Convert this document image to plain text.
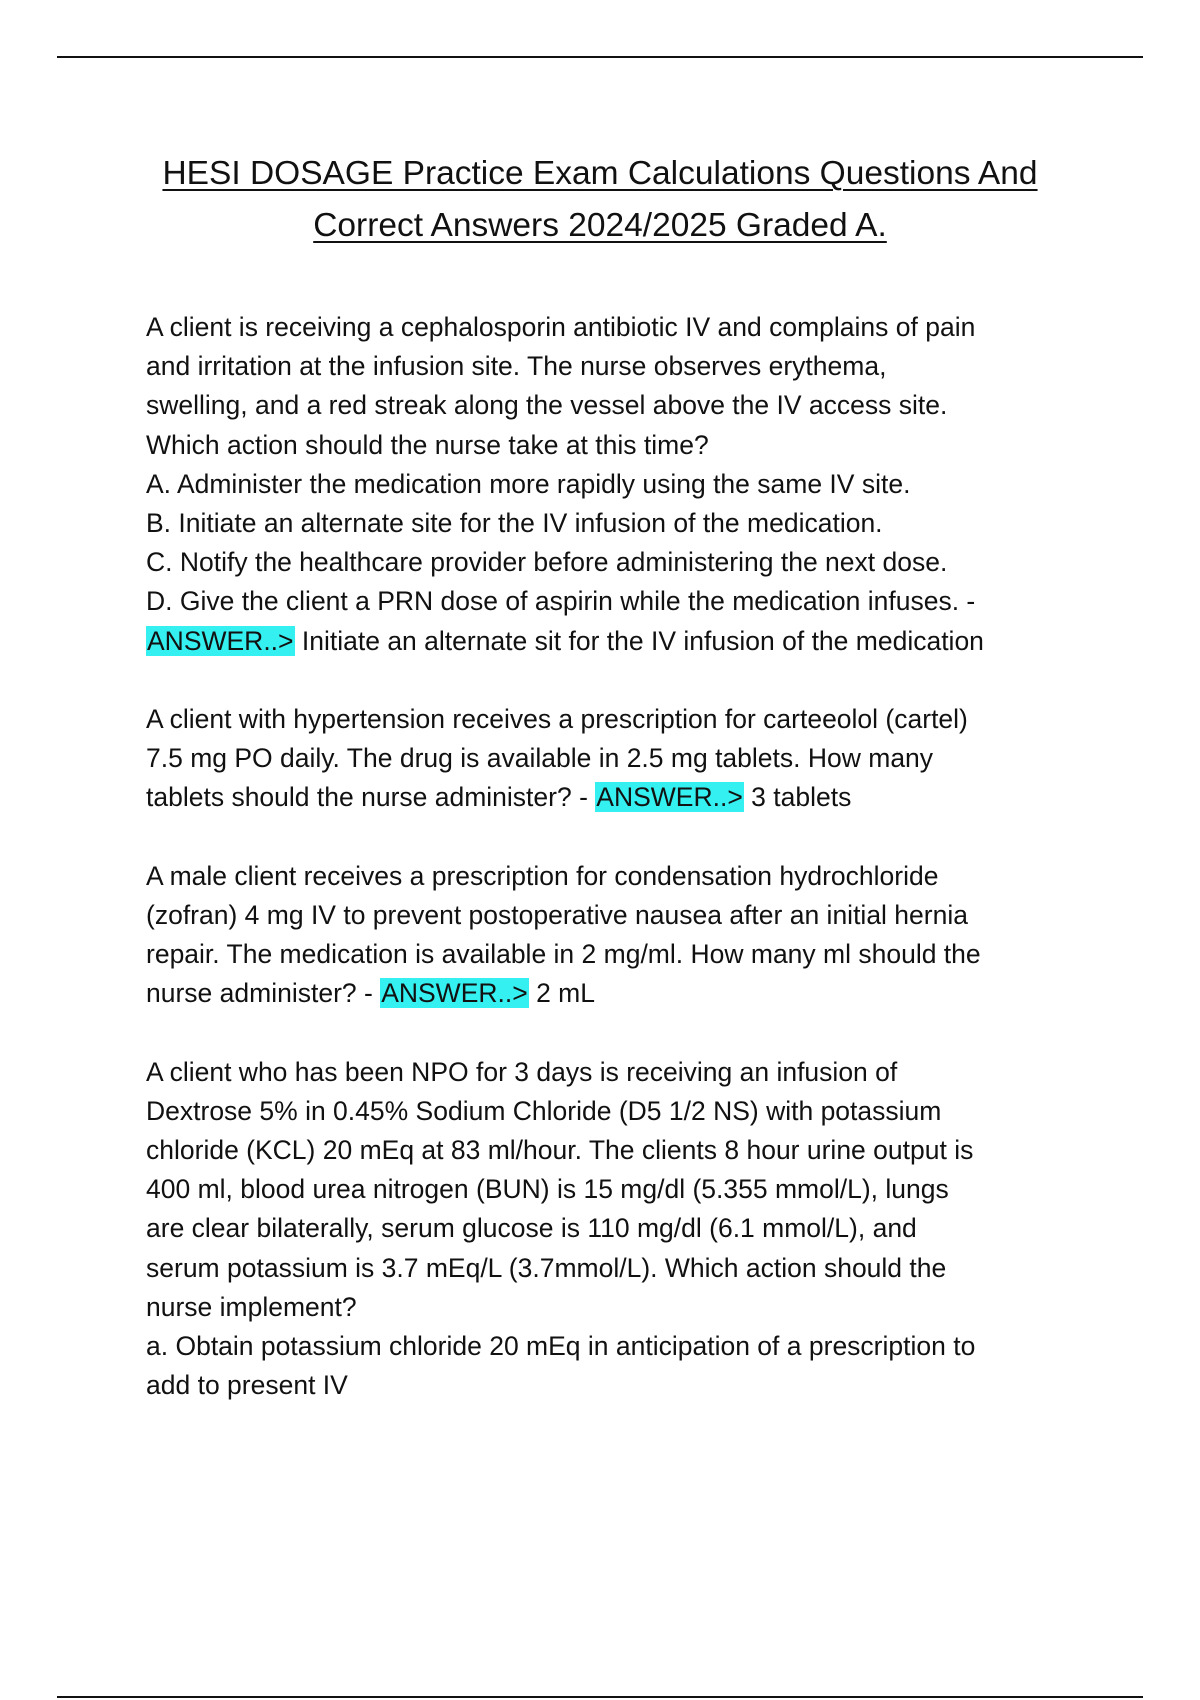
HESI DOSAGE Practice Exam Calculations Questions And
Correct Answers 2024/2025 Graded A.
A client is receiving a cephalosporin antibiotic IV and complains of pain
and irritation at the infusion site. The nurse observes erythema,
swelling, and a red streak along the vessel above the IV access site.
Which action should the nurse take at this time?
A. Administer the medication more rapidly using the same IV site.
B. Initiate an alternate site for the IV infusion of the medication.
C. Notify the healthcare provider before administering the next dose.
D. Give the client a PRN dose of aspirin while the medication infuses. -
ANSWER..> Initiate an alternate sit for the IV infusion of the medication
A client with hypertension receives a prescription for carteeolol (cartel)
7.5 mg PO daily. The drug is available in 2.5 mg tablets. How many
tablets should the nurse administer? - ANSWER..> 3 tablets
A male client receives a prescription for condensation hydrochloride
(zofran) 4 mg IV to prevent postoperative nausea after an initial hernia
repair. The medication is available in 2 mg/ml. How many ml should the
nurse administer? - ANSWER..> 2 mL
A client who has been NPO for 3 days is receiving an infusion of
Dextrose 5% in 0.45% Sodium Chloride (D5 1/2 NS) with potassium
chloride (KCL) 20 mEq at 83 ml/hour. The clients 8 hour urine output is
400 ml, blood urea nitrogen (BUN) is 15 mg/dl (5.355 mmol/L), lungs
are clear bilaterally, serum glucose is 110 mg/dl (6.1 mmol/L), and
serum potassium is 3.7 mEq/L (3.7mmol/L). Which action should the
nurse implement?
a. Obtain potassium chloride 20 mEq in anticipation of a prescription to
add to present IV
